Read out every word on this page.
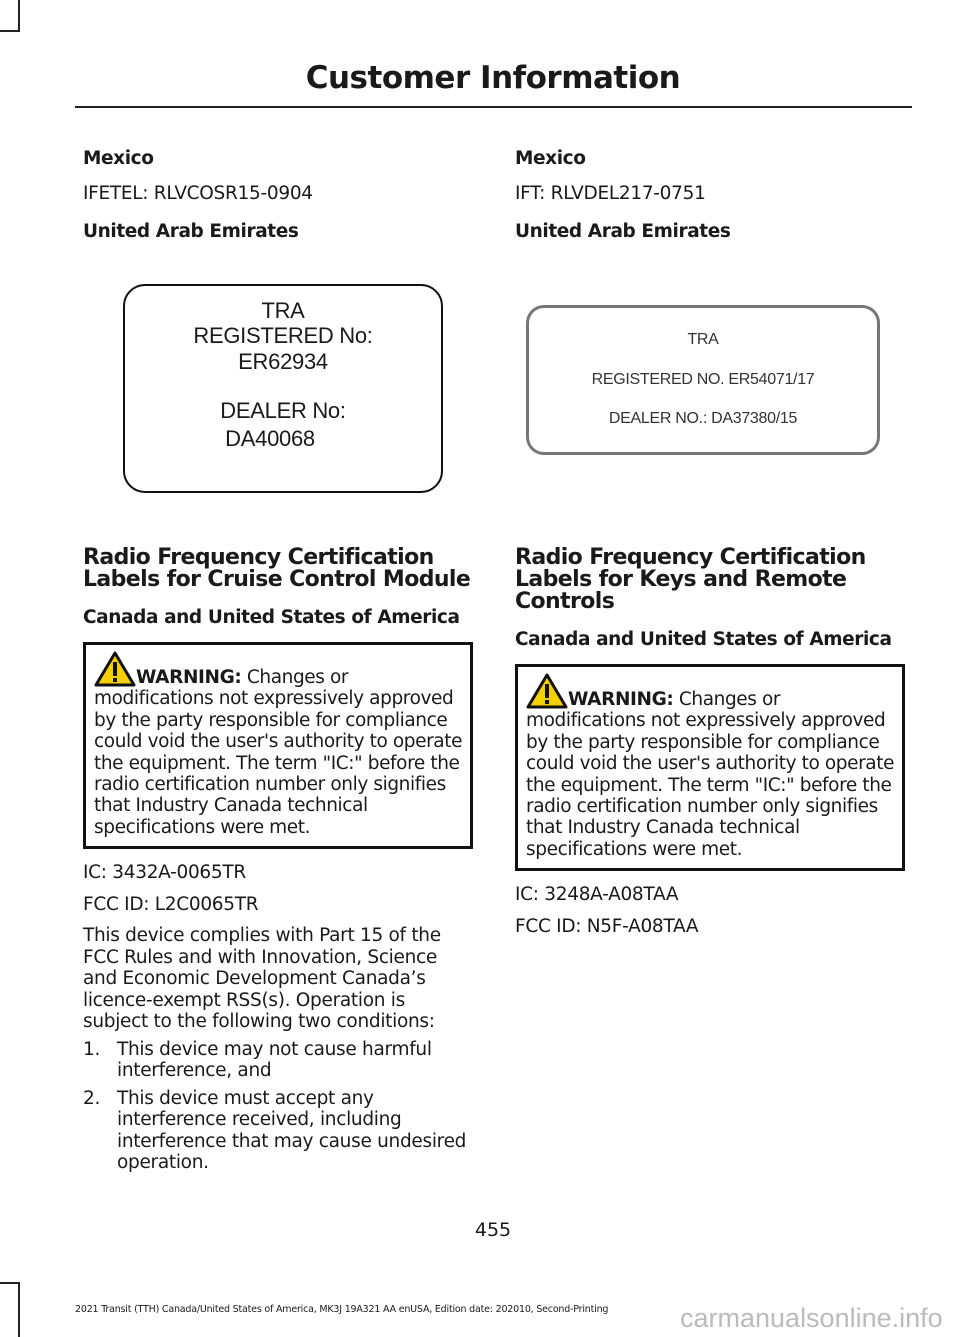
Customer Information

Mexico

IFETEL: RLVCOSR15-0904

United Arab Emirates

TRA
REGISTERED No:
ER62934
DEALER No:
DA40068

Radio Frequency Certification Labels for Cruise Control Module

Canada and United States of America

WARNING: Changes or modifications not expressively approved by the party responsible for compliance could void the user's authority to operate the equipment. The term "IC:" before the radio certification number only signifies that Industry Canada technical specifications were met.

IC: 3432A-0065TR

FCC ID: L2C0065TR

This device complies with Part 15 of the FCC Rules and with Innovation, Science and Economic Development Canada’s licence-exempt RSS(s). Operation is subject to the following two conditions:

1. This device may not cause harmful interference, and
2. This device must accept any interference received, including interference that may cause undesired operation.

Mexico

IFT: RLVDEL217-0751

United Arab Emirates

TRA
REGISTERED NO. ER54071/17
DEALER NO.: DA37380/15

Radio Frequency Certification Labels for Keys and Remote Controls

Canada and United States of America

WARNING: Changes or modifications not expressively approved by the party responsible for compliance could void the user's authority to operate the equipment. The term "IC:" before the radio certification number only signifies that Industry Canada technical specifications were met.

IC: 3248A-A08TAA

FCC ID: N5F-A08TAA

455
2021 Transit (TTH) Canada/United States of America, MK3J 19A321 AA enUSA, Edition date: 202010, Second-Printing	carmanualsonline.info
